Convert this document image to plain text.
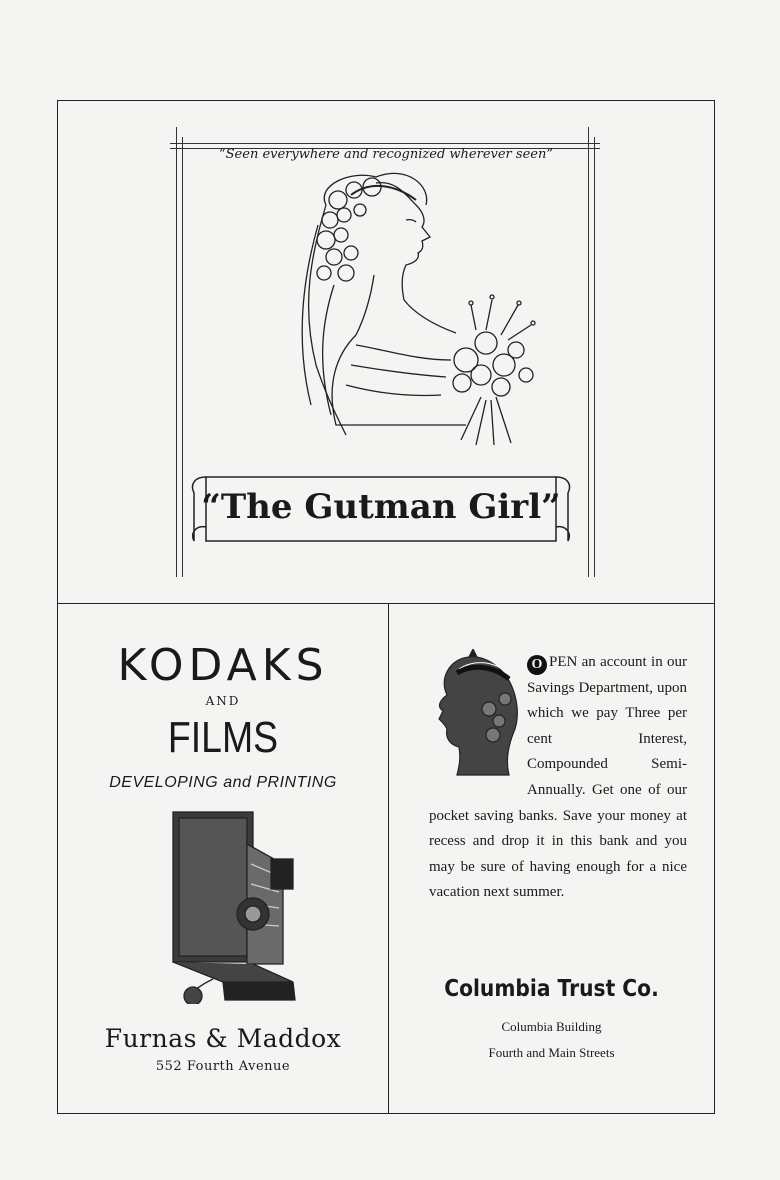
“Seen everywhere and recognized wherever seen”
“The Gutman Girl”
KODAKS
AND
FILMS
DEVELOPING and PRINTING
Furnas & Maddox
552 Fourth Avenue
O PEN an account in our Savings Department, upon which we pay Three per cent Interest, Compounded Semi-Annually. Get one of our pocket saving banks. Save your money at recess and drop it in this bank and you may be sure of having enough for a nice vacation next summer.
Columbia Trust Co.
Columbia Building
Fourth and Main Streets
